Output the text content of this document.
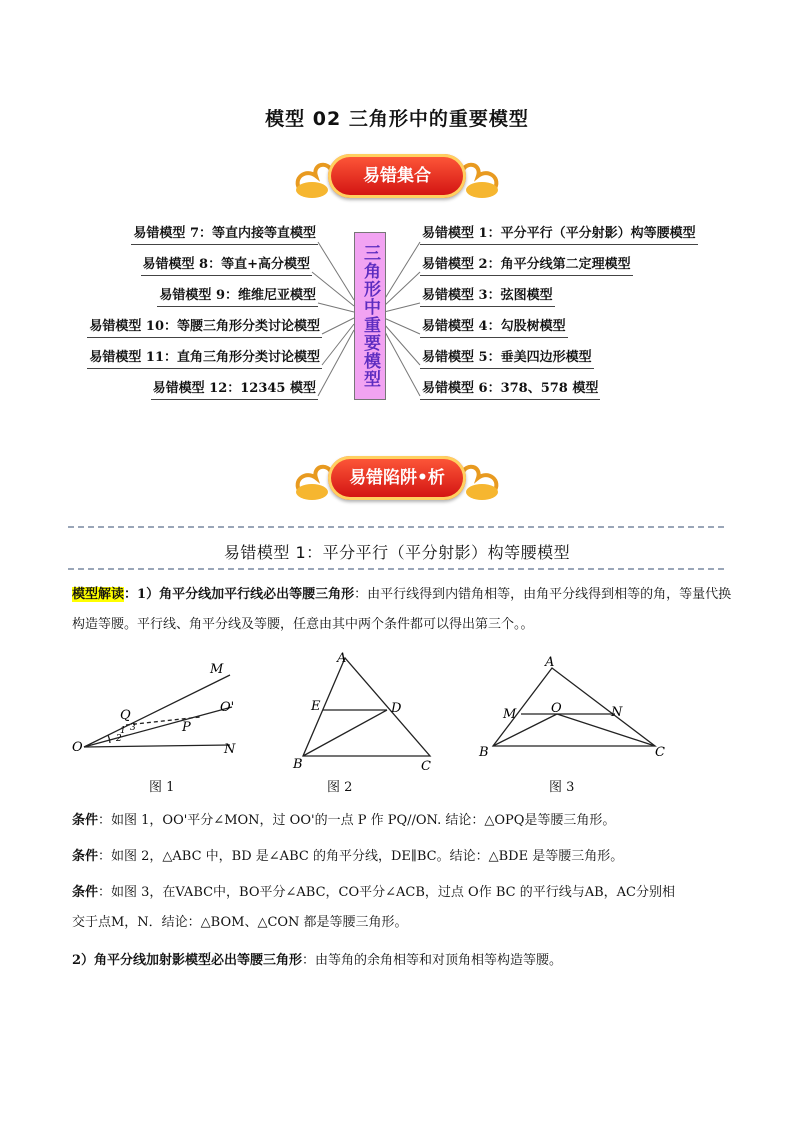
模型 02 三角形中的重要模型
易错集合
三角形中重要模型
易错模型 7：等直内接等直模型
易错模型 8：等直+高分模型
易错模型 9：维维尼亚模型
易错模型 10：等腰三角形分类讨论模型
易错模型 11：直角三角形分类讨论模型
易错模型 12：12345 模型
易错模型 1：平分平行（平分射影）构等腰模型
易错模型 2：角平分线第二定理模型
易错模型 3：弦图模型
易错模型 4：勾股树模型
易错模型 5：垂美四边形模型
易错模型 6：378、578 模型
易错陷阱•析
易错模型 1：平分平行（平分射影）构等腰模型
模型解读：1）角平分线加平行线必出等腰三角形：由平行线得到内错角相等，由角平分线得到相等的角，等量代换构造等腰。平行线、角平分线及等腰，任意由其中两个条件都可以得出第三个。。
M
O'
Q
P
O	N
1
2
3
图 1
A
E	D
B	C
图 2
A
M	O	N
B	C
图 3
条件：如图 1，OO'平分∠MON，过 OO'的一点 P 作 PQ//ON. 结论：△OPQ是等腰三角形。
条件：如图 2，△ABC 中，BD 是∠ABC 的角平分线，DE∥BC。结论：△BDE 是等腰三角形。
条件：如图 3，在VABC中，BO平分∠ABC，CO平分∠ACB，过点 O作 BC 的平行线与AB，AC分别相
交于点M，N．结论：△BOM、△CON 都是等腰三角形。
2）角平分线加射影模型必出等腰三角形：由等角的余角相等和对顶角相等构造等腰。
